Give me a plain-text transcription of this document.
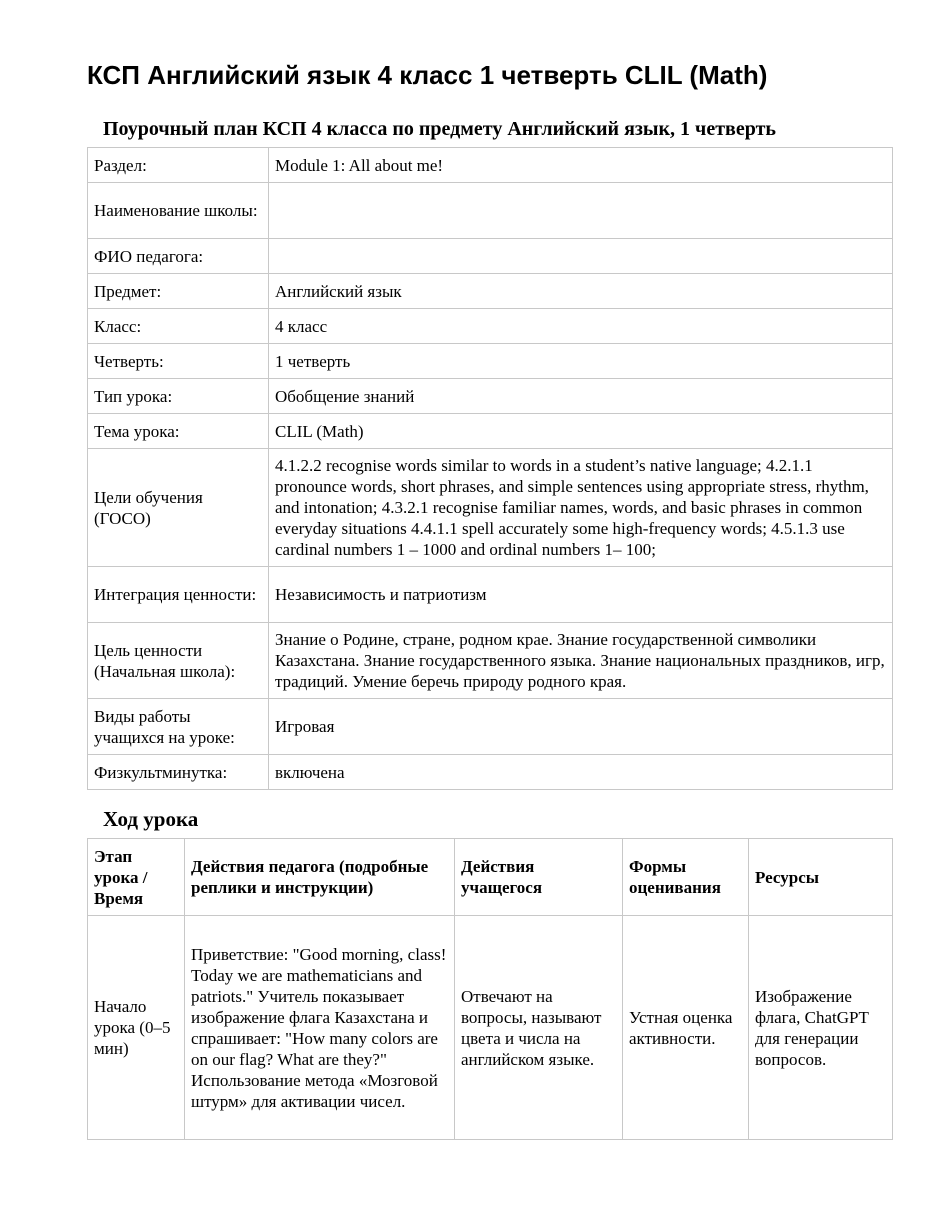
КСП Английский язык 4 класс 1 четверть CLIL (Math)
Поурочный план КСП 4 класса по предмету Английский язык, 1 четверть
Раздел:	Module 1: All about me!
Наименование школы:	
ФИО педагога:	
Предмет:	Английский язык
Класс:	4 класс
Четверть:	1 четверть
Тип урока:	Обобщение знаний
Тема урока:	CLIL (Math)
Цели обучения (ГОСО)	4.1.2.2 recognise words similar to words in a student’s native language; 4.2.1.1 pronounce words, short phrases, and simple sentences using appropriate stress, rhythm, and intonation; 4.3.2.1 recognise familiar names, words, and basic phrases in common everyday situations 4.4.1.1 spell accurately some high-frequency words; 4.5.1.3 use cardinal numbers 1 – 1000 and ordinal numbers 1– 100;
Интеграция ценности:	Независимость и патриотизм
Цель ценности (Начальная школа):	Знание о Родине, стране, родном крае. Знание государственной символики Казахстана. Знание государственного языка. Знание национальных праздников, игр, традиций. Умение беречь природу родного края.
Виды работы учащихся на уроке:	Игровая
Физкультминутка:	включена
Ход урока
Этап урока / Время	Действия педагога (подробные реплики и инструкции)	Действия учащегося	Формы оценивания	Ресурсы
Начало урока (0–5 мин)	Приветствие: "Good morning, class! Today we are mathematicians and patriots." Учитель показывает изображение флага Казахстана и спрашивает: "How many colors are on our flag? What are they?" Использование метода «Мозговой штурм» для активации чисел.	Отвечают на вопросы, называют цвета и числа на английском языке.	Устная оценка активности.	Изображение флага, ChatGPT для генерации вопросов.
